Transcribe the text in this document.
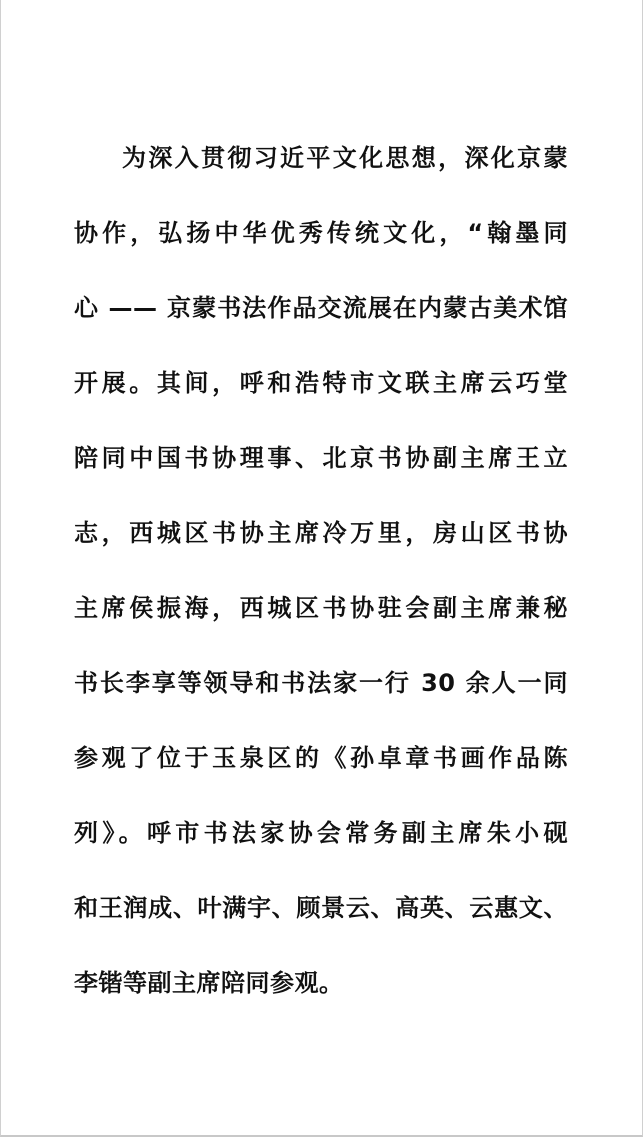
为深入贯彻习近平文化思想，深化京蒙
协作，弘扬中华优秀传统文化，“翰墨同
心 —— 京蒙书法作品交流展在内蒙古美术馆
开展。其间，呼和浩特市文联主席云巧堂
陪同中国书协理事、北京书协副主席王立
志，西城区书协主席冷万里，房山区书协
主席侯振海，西城区书协驻会副主席兼秘
书长李享等领导和书法家一行 30 余人一同
参观了位于玉泉区的《孙卓章书画作品陈
列》。呼市书法家协会常务副主席朱小砚
和王润成、叶满宇、顾景云、高英、云惠文、
李锴等副主席陪同参观。
